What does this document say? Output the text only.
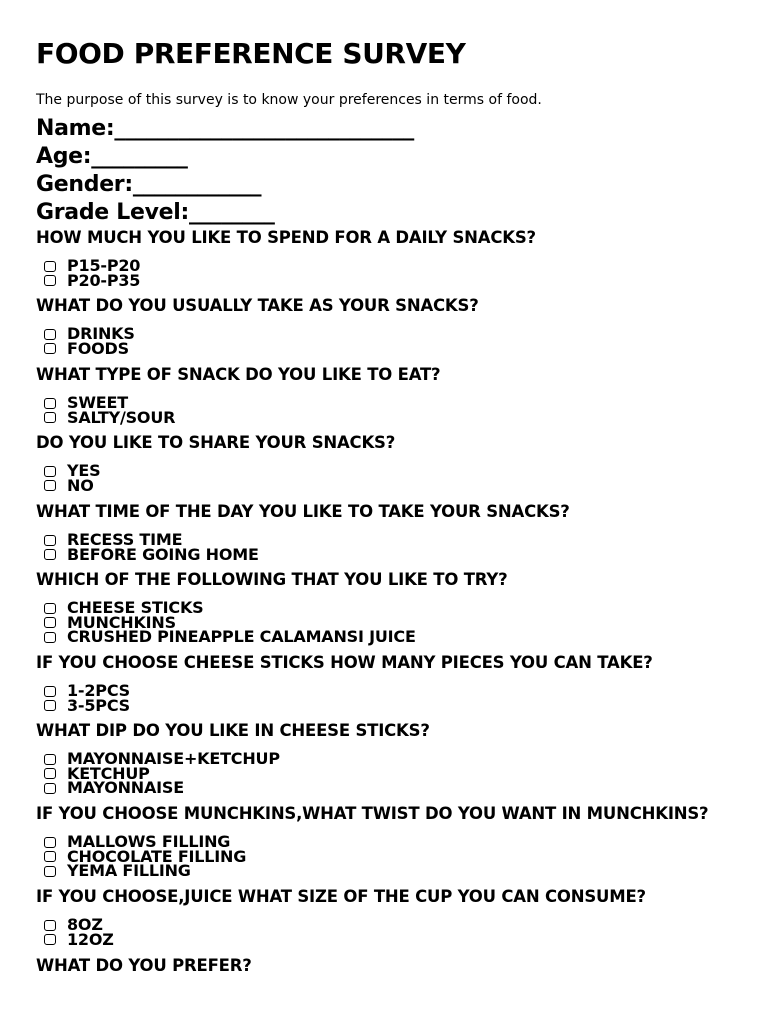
FOOD PREFERENCE SURVEY
The purpose of this survey is to know your preferences in terms of food.
Name:____________________________
Age:_________
Gender:____________
Grade Level:________
HOW MUCH YOU LIKE TO SPEND FOR A DAILY SNACKS?
P15-P20
P20-P35
WHAT DO YOU USUALLY TAKE AS YOUR SNACKS?
DRINKS
FOODS
WHAT TYPE OF SNACK DO YOU LIKE TO EAT?
SWEET
SALTY/SOUR
DO YOU LIKE TO SHARE YOUR SNACKS?
YES
NO
WHAT TIME OF THE DAY YOU LIKE TO TAKE YOUR SNACKS?
RECESS TIME
BEFORE GOING HOME
WHICH OF THE FOLLOWING THAT YOU LIKE TO TRY?
CHEESE STICKS
MUNCHKINS
CRUSHED PINEAPPLE CALAMANSI JUICE
IF YOU CHOOSE CHEESE STICKS HOW MANY PIECES YOU CAN TAKE?
1-2PCS
3-5PCS
WHAT DIP DO YOU LIKE IN CHEESE STICKS?
MAYONNAISE+KETCHUP
KETCHUP
MAYONNAISE
IF YOU CHOOSE MUNCHKINS,WHAT TWIST DO YOU WANT IN MUNCHKINS?
MALLOWS FILLING
CHOCOLATE FILLING
YEMA FILLING
IF YOU CHOOSE,JUICE WHAT SIZE OF THE CUP YOU CAN CONSUME?
8OZ
12OZ
WHAT DO YOU PREFER?
